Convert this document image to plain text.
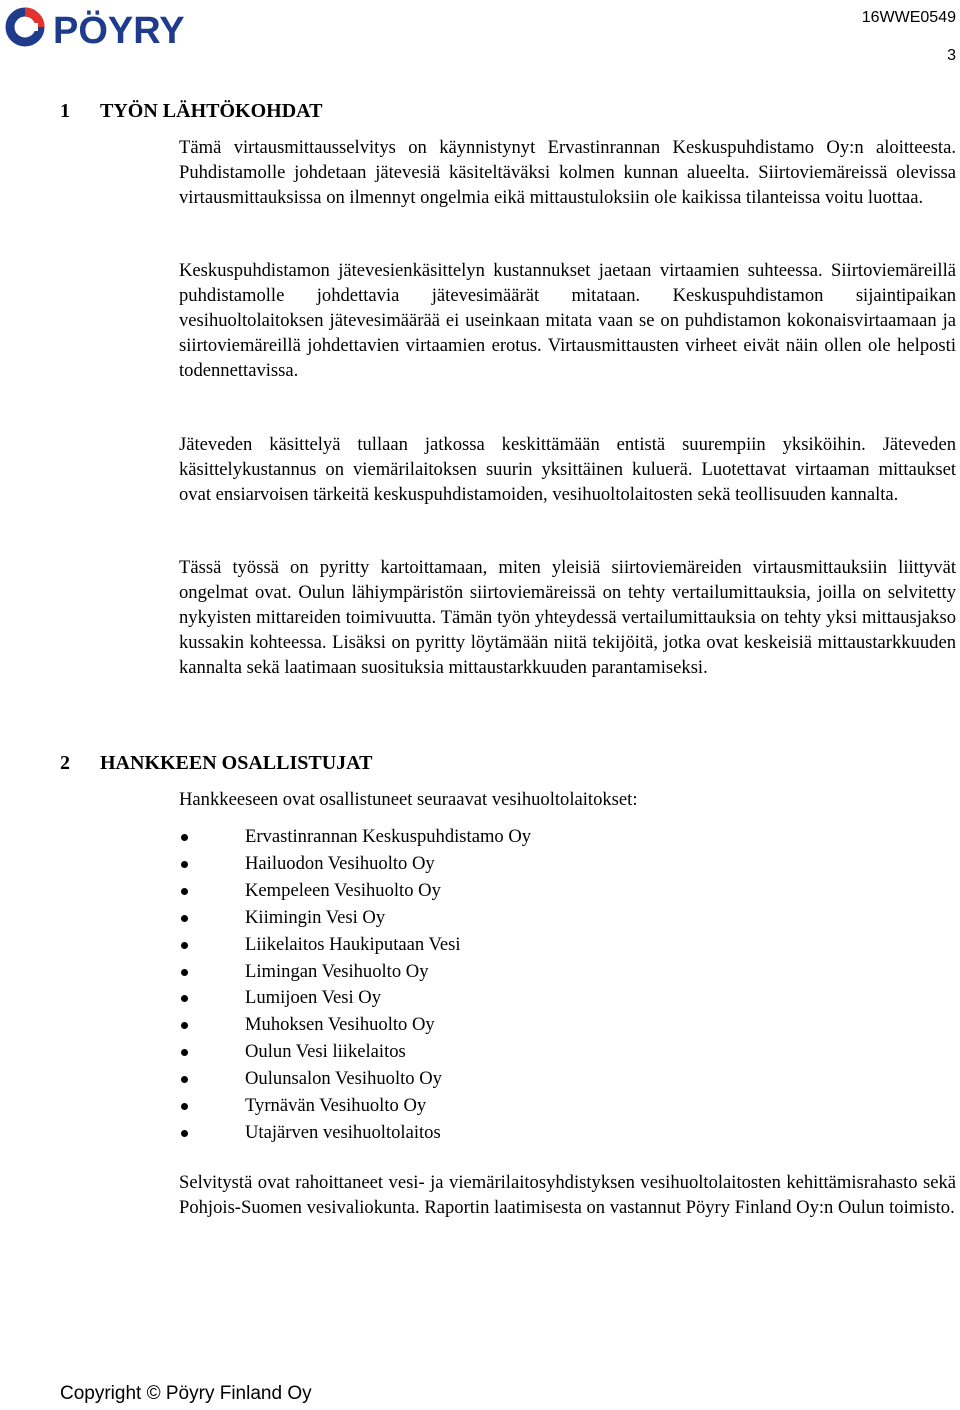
PÖYRY	16WWE0549
3
1 TYÖN LÄHTÖKOHDAT

Tämä virtausmittausselvitys on käynnistynyt Ervastinrannan Keskuspuhdistamo Oy:n aloitteesta. Puhdistamolle johdetaan jätevesiä käsiteltäväksi kolmen kunnan alueelta. Siirtoviemäreissä olevissa virtausmittauksissa on ilmennyt ongelmia eikä mittaustuloksiin ole kaikissa tilanteissa voitu luottaa.

Keskuspuhdistamon jätevesienkäsittelyn kustannukset jaetaan virtaamien suhteessa. Siirtoviemäreillä puhdistamolle johdettavia jätevesimäärät mitataan. Keskuspuhdistamon sijaintipaikan vesihuoltolaitoksen jätevesimäärää ei useinkaan mitata vaan se on puhdistamon kokonaisvirtaamaan ja siirtoviemäreillä johdettavien virtaamien erotus. Virtausmittausten virheet eivät näin ollen ole helposti todennettavissa.

Jäteveden käsittelyä tullaan jatkossa keskittämään entistä suurempiin yksiköihin. Jäteveden käsittelykustannus on viemärilaitoksen suurin yksittäinen kuluerä. Luotettavat virtaaman mittaukset ovat ensiarvoisen tärkeitä keskuspuhdistamoiden, vesihuoltolaitosten sekä teollisuuden kannalta.

Tässä työssä on pyritty kartoittamaan, miten yleisiä siirtoviemäreiden virtausmittauksiin liittyvät ongelmat ovat. Oulun lähiympäristön siirtoviemäreissä on tehty vertailumittauksia, joilla on selvitetty nykyisten mittareiden toimivuutta. Tämän työn yhteydessä vertailumittauksia on tehty yksi mittausjakso kussakin kohteessa. Lisäksi on pyritty löytämään niitä tekijöitä, jotka ovat keskeisiä mittaustarkkuuden kannalta sekä laatimaan suosituksia mittaustarkkuuden parantamiseksi.

2 HANKKEEN OSALLISTUJAT

Hankkeeseen ovat osallistuneet seuraavat vesihuoltolaitokset:

Ervastinrannan Keskuspuhdistamo Oy
Hailuodon Vesihuolto Oy
Kempeleen Vesihuolto Oy
Kiimingin Vesi Oy
Liikelaitos Haukiputaan Vesi
Limingan Vesihuolto Oy
Lumijoen Vesi Oy
Muhoksen Vesihuolto Oy
Oulun Vesi liikelaitos
Oulunsalon Vesihuolto Oy
Tyrnävän Vesihuolto Oy
Utajärven vesihuoltolaitos

Selvitystä ovat rahoittaneet vesi- ja viemärilaitosyhdistyksen vesihuoltolaitosten kehittämisrahasto sekä Pohjois-Suomen vesivaliokunta. Raportin laatimisesta on vastannut Pöyry Finland Oy:n Oulun toimisto.

Copyright © Pöyry Finland Oy
